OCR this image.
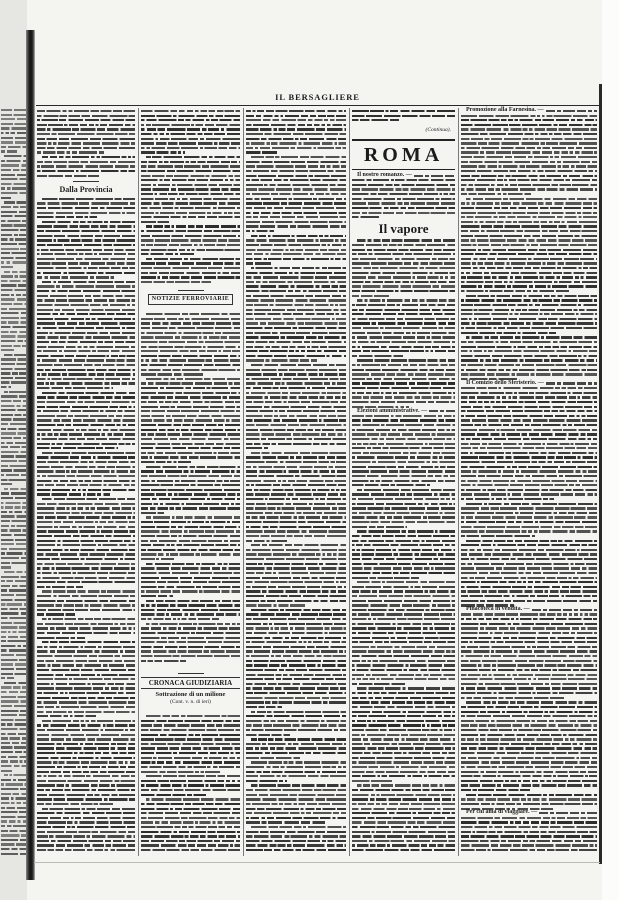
IL BERSAGLIERE
Dalla Provincia
NOTIZIE FERROVIARIE
CRONACA GIUDIZIARIA
Sottrazione di un milione
(Cont. v. n. di ieri)
(Continua).
ROMA
Il nostro romanzo. —
Il vapore
Elezioni amministrative. —
Promozione alla Farnesina. —
Il Comizio dello Sferisterio. —
Pinacoteca in vendita. —
Per chi ama di viaggiare. —
